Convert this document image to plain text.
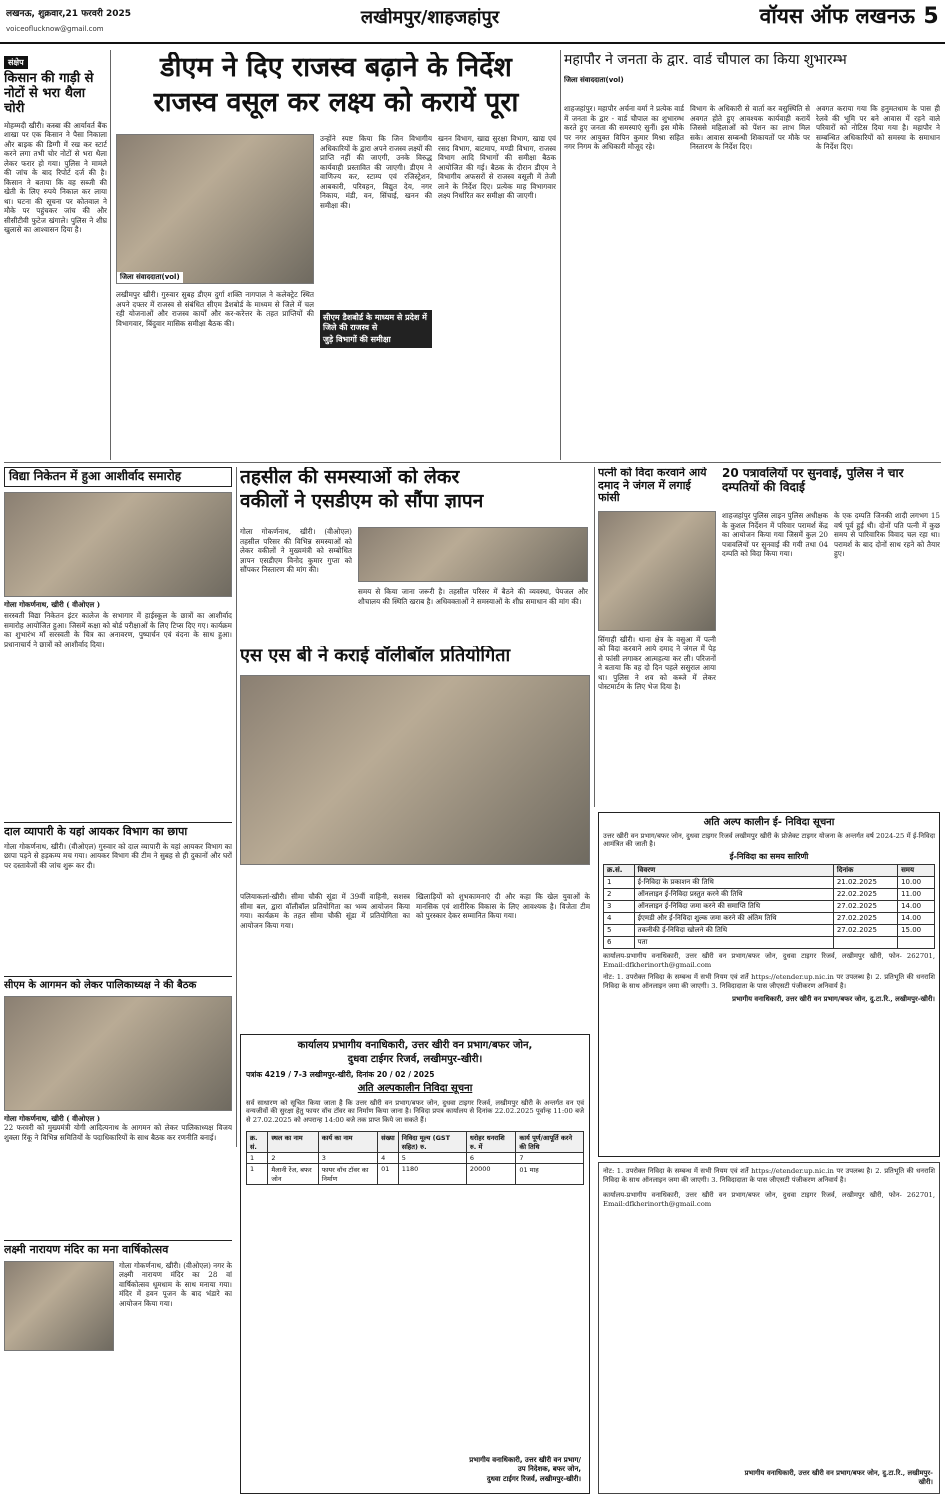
लखनऊ, शुक्रवार,21 फरवरी 2025
voiceoflucknow@gmail.com
लखीमपुर/शाहजहांपुर	वॉयस ऑफ लखनऊ 5
संक्षेप
किसान की गाड़ी से नोटों से भरा थैला चोरी
मोहम्मदी खीरी। कस्बा की आर्यावर्त बैंक शाखा पर एक किसान ने पैसा निकाला और बाइक की डिग्गी में रख कर स्टार्ट करने लगा तभी चोर नोटों से भरा थैला लेकर फरार हो गया। पुलिस ने मामले की जांच के बाद रिपोर्ट दर्ज की है। किसान ने बताया कि वह सब्जी की खेती के लिए रुपये निकाल कर लाया था। घटना की सूचना पर कोतवाल ने मौके पर पहुंचकर जांच की और सीसीटीवी फुटेज खंगाले। पुलिस ने शीघ्र खुलासे का आश्वासन दिया है।
डीएम ने दिए राजस्व बढ़ाने के निर्देश
राजस्व वसूल कर लक्ष्य को करायें पूरा
जिला संवाददाता(vol)
लखीमपुर खीरी। गुरुवार सुबह डीएम दुर्गा शक्ति नागपाल ने कलेक्ट्रेट स्थित अपने दफ्तर में राजस्व से संबंधित सीएम डैशबोर्ड के माध्यम से जिले में चल रही योजनाओं और राजस्व कार्यों और कर-करेत्तर के तहत प्राप्तियों की विभागवार, बिंदुवार मासिक समीक्षा बैठक की।
उन्होंने स्पष्ट किया कि जिन विभागीय अधिकारियों के द्वारा अपने राजस्व लक्ष्यों की प्राप्ति नहीं की जाएगी, उनके विरुद्ध कार्यवाही प्रस्तावित की जाएगी। डीएम ने वाणिज्य कर, स्टाम्प एवं रजिस्ट्रेशन, आबकारी, परिवहन, विद्युत देय, नगर निकाय, मंडी, वन, सिंचाई, खनन की समीक्षा की।
सीएम डैशबोर्ड के माध्यम से प्रदेश में जिले की राजस्व से
जुड़े विभागों की समीक्षा
खनन विभाग, खाद्य सुरक्षा विभाग, खाद्य एवं रसद विभाग, बाटमाप, मण्डी विभाग, राजस्व विभाग आदि विभागों की समीक्षा बैठक आयोजित की गई। बैठक के दौरान डीएम ने विभागीय अफसरों से राजस्व वसूली में तेजी लाने के निर्देश दिए। प्रत्येक माह विभागवार लक्ष्य निर्धारित कर समीक्षा की जाएगी।
महापौर ने जनता के द्वार. वार्ड चौपाल का किया शुभारम्भ
जिला संवाददाता(vol)
शाहजहांपुर। महापौर अर्चना वर्मा ने प्रत्येक वार्ड में जनता के द्वार - वार्ड चौपाल का शुभारम्भ करते हुए जनता की समस्याएं सुनीं। इस मौके पर नगर आयुक्त विपिन कुमार मिश्रा सहित नगर निगम के अधिकारी मौजूद रहे।
विभाग के अधिकारी से वार्ता कर वसुस्थिति से अवगत होते हुए आवश्यक कार्यवाही करायें जिससे महिलाओं को पेंशन का लाभ मिल सके। आवास सम्बन्धी शिकायतों पर मौके पर निस्तारण के निर्देश दिए।
अवगत कराया गया कि हनुमतधाम के पास ही रेलवे की भूमि पर बने आवास में रहने वाले परिवारों को नोटिस दिया गया है। महापौर ने सम्बन्धित अधिकारियों को समस्या के समाधान के निर्देश दिए।
विद्या निकेतन में हुआ आशीर्वाद समारोह
गोला गोकर्णनाथ, खीरी ( वीओएल )
सरस्वती विद्या निकेतन इंटर कालेज के सभागार में हाईस्कूल के छात्रों का आशीर्वाद समारोह आयोजित हुआ। जिसमें कक्षा को बोर्ड परीक्षाओं के लिए टिप्स दिए गए। कार्यक्रम का शुभारंभ माँ सरस्वती के चित्र का अनावरण, पुष्पार्चन एवं वंदना के साथ हुआ। प्रधानाचार्य ने छात्रों को आशीर्वाद दिया।
तहसील की समस्याओं को लेकर
वकीलों ने एसडीएम को सौंपा ज्ञापन
गोला गोकर्णनाथ, खीरी। (वीओएल) तहसील परिसर की विभिन्न समस्याओं को लेकर वकीलों ने मुख्यमंत्री को सम्बोधित ज्ञापन एसडीएम विनोद कुमार गुप्ता को सौंपकर निस्तारण की मांग की।
समय से किया जाना जरूरी है। तहसील परिसर में बैठने की व्यवस्था, पेयजल और शौचालय की स्थिति खराब है। अधिवक्ताओं ने समस्याओं के शीघ्र समाधान की मांग की।
पत्नी को विदा करवाने आये दमाद ने जंगल में लगाई फांसी
सिंगाही खीरी। थाना क्षेत्र के वसुआ में पत्नी को विदा करवाने आये दमाद ने जंगल में पेड़ से फांसी लगाकर आत्महत्या कर ली। परिजनों ने बताया कि वह दो दिन पहले ससुराल आया था। पुलिस ने शव को कब्जे में लेकर पोस्टमार्टम के लिए भेज दिया है।
20 पत्रावलियों पर सुनवाई, पुलिस ने चार दम्पतियों की विदाई
शाहजहांपुर पुलिस लाइन पुलिस अधीक्षक के कुशल निर्देशन में परिवार परामर्श केंद्र का आयोजन किया गया जिसमें कुल 20 पत्रावलियों पर सुनवाई की गयी तथा 04 दम्पति को विदा किया गया।
के एक दम्पति जिनकी शादी लगभग 15 वर्ष पूर्व हुई थी। दोनों पति पत्नी में कुछ समय से पारिवारिक विवाद चल रहा था। परामर्श के बाद दोनों साथ रहने को तैयार हुए।
एस एस बी ने कराई वॉलीबॉल प्रतियोगिता
दाल व्यापारी के यहां आयकर विभाग का छापा
गोला गोकर्णनाथ, खीरी। (वीओएल) गुरुवार को दाल व्यापारी के यहां आयकर विभाग का छापा पड़ने से हड़कम्प मच गया। आयकर विभाग की टीम ने सुबह से ही दुकानों और घरों पर दस्तावेजों की जांच शुरू कर दी।
पलियाकलां-खीरी। सीमा चौकी सूंडा में 39वीं वाहिनी, सशस्त्र सीमा बल, द्वारा वॉलीबॉल प्रतियोगिता का भव्य आयोजन किया गया। कार्यक्रम के तहत सीमा चौकी सूंडा में प्रतियोगिता का आयोजन किया गया।
खिलाड़ियों को शुभकामनाएं दी और कहा कि खेल युवाओं के मानसिक एवं शारीरिक विकास के लिए आवश्यक है। विजेता टीम को पुरस्कार देकर सम्मानित किया गया।
अति अल्प कालीन ई- निविदा सूचना
उत्तर खीरी वन प्रभाग/बफर जोन, दुधवा टाइगर रिजर्व लखीमपुर खीरी के प्रोजेक्ट टाइगर योजना के अन्तर्गत वर्ष 2024-25 में ई-निविदा आमंत्रित की जाती है।
ई-निविदा का समय सारिणी
क्र.सं.	विवरण	दिनांक	समय
1	ई-निविदा के प्रकाशन की तिथि	21.02.2025	10.00
2	ऑनलाइन ई-निविदा प्रस्तुत करने की तिथि	22.02.2025	11.00
3	ऑनलाइन ई-निविदा जमा करने की समाप्ति तिथि	27.02.2025	14.00
4	ईएमडी और ई-निविदा शुल्क जमा करने की अंतिम तिथि	27.02.2025	14.00
5	तकनीकी ई-निविदा खोलने की तिथि	27.02.2025	15.00
6	पता		
कार्यालय-प्रभागीय वनाधिकारी, उत्तर खीरी वन प्रभाग/बफर जोन, दुधवा टाइगर रिजर्व, लखीमपुर खीरी, फोन- 262701, Email:dfkherinorth@gmail.com
नोट: 1. उपरोक्त निविदा के सम्बन्ध में सभी नियम एवं शर्ते https://etender.up.nic.in पर उपलब्ध है। 2. प्रतिभूति की धनराशि निविदा के साथ ऑनलाइन जमा की जाएगी। 3. निविदादाता के पास जीएसटी पंजीकरण अनिवार्य है।
प्रभागीय वनाधिकारी, उत्तर खीरी वन प्रभाग/बफर जोन, दु.टा.रि., लखीमपुर-खीरी।
सीएम के आगमन को लेकर पालिकाध्यक्ष ने की बैठक
गोला गोकर्णनाथ, खीरी ( वीओएल )
22 फरवरी को मुख्यमंत्री योगी आदित्यनाथ के आगमन को लेकर पालिकाध्यक्ष विजय शुक्ला रिंकू ने विभिन्न समितियों के पदाधिकारियों के साथ बैठक कर रणनीति बनाई।
लक्ष्मी नारायण मंदिर का मना वार्षिकोत्सव
गोला गोकर्णनाथ, खीरी। (वीओएल) नगर के लक्ष्मी नारायण मंदिर का 28 वां वार्षिकोत्सव धूमधाम के साथ मनाया गया। मंदिर में हवन पूजन के बाद भंडारे का आयोजन किया गया।
कार्यालय प्रभागीय वनाधिकारी, उत्तर खीरी वन प्रभाग/बफर जोन,
दुधवा टाईगर रिजर्व, लखीमपुर-खीरी।
पत्रांक 4219 / 7-3 लखीमपुर-खीरी, दिनांक 20 / 02 / 2025
अति अल्पकालीन निविदा सूचना
सर्व साधारण को सूचित किया जाता है कि उत्तर खीरी वन प्रभाग/बफर जोन, दुधवा टाइगर रिजर्व, लखीमपुर खीरी के अन्तर्गत वन एवं वन्यजीवों की सुरक्षा हेतु फायर वॉच टॉवर का निर्माण किया जाना है। निविदा प्रपत्र कार्यालय से दिनांक 22.02.2025 पूर्वान्ह 11:00 बजे से 27.02.2025 को अपरान्ह 14:00 बजे तक प्राप्त किये जा सकते हैं।
क्र. सं.	स्थल का नाम	कार्य का नाम	संख्या	निविदा मूल्य (GST सहित) रु.	धरोहर धनराशि रु. में	कार्य पूर्ण/आपूर्ति करने की तिथि
1	2	3	4	5	6	7
1	मैलानी रेंज, बफर जोन	फायर वॉच टॉवर का निर्माण	01	1180	20000	01 माह
प्रभागीय वनाधिकारी, उत्तर खीरी वन प्रभाग/
उप निदेशक, बफर जोन,
दुधवा टाईगर रिजर्व, लखीमपुर-खीरी।
नोट: 1. उपरोक्त निविदा के सम्बन्ध में सभी नियम एवं शर्ते https://etender.up.nic.in पर उपलब्ध है। 2. प्रतिभूति की धनराशि निविदा के साथ ऑनलाइन जमा की जाएगी। 3. निविदादाता के पास जीएसटी पंजीकरण अनिवार्य है।
कार्यालय-प्रभागीय वनाधिकारी, उत्तर खीरी वन प्रभाग/बफर जोन, दुधवा टाइगर रिजर्व, लखीमपुर खीरी, फोन- 262701, Email:dfkherinorth@gmail.com
प्रभागीय वनाधिकारी, उत्तर खीरी वन प्रभाग/बफर जोन, दु.टा.रि., लखीमपुर-खीरी।
